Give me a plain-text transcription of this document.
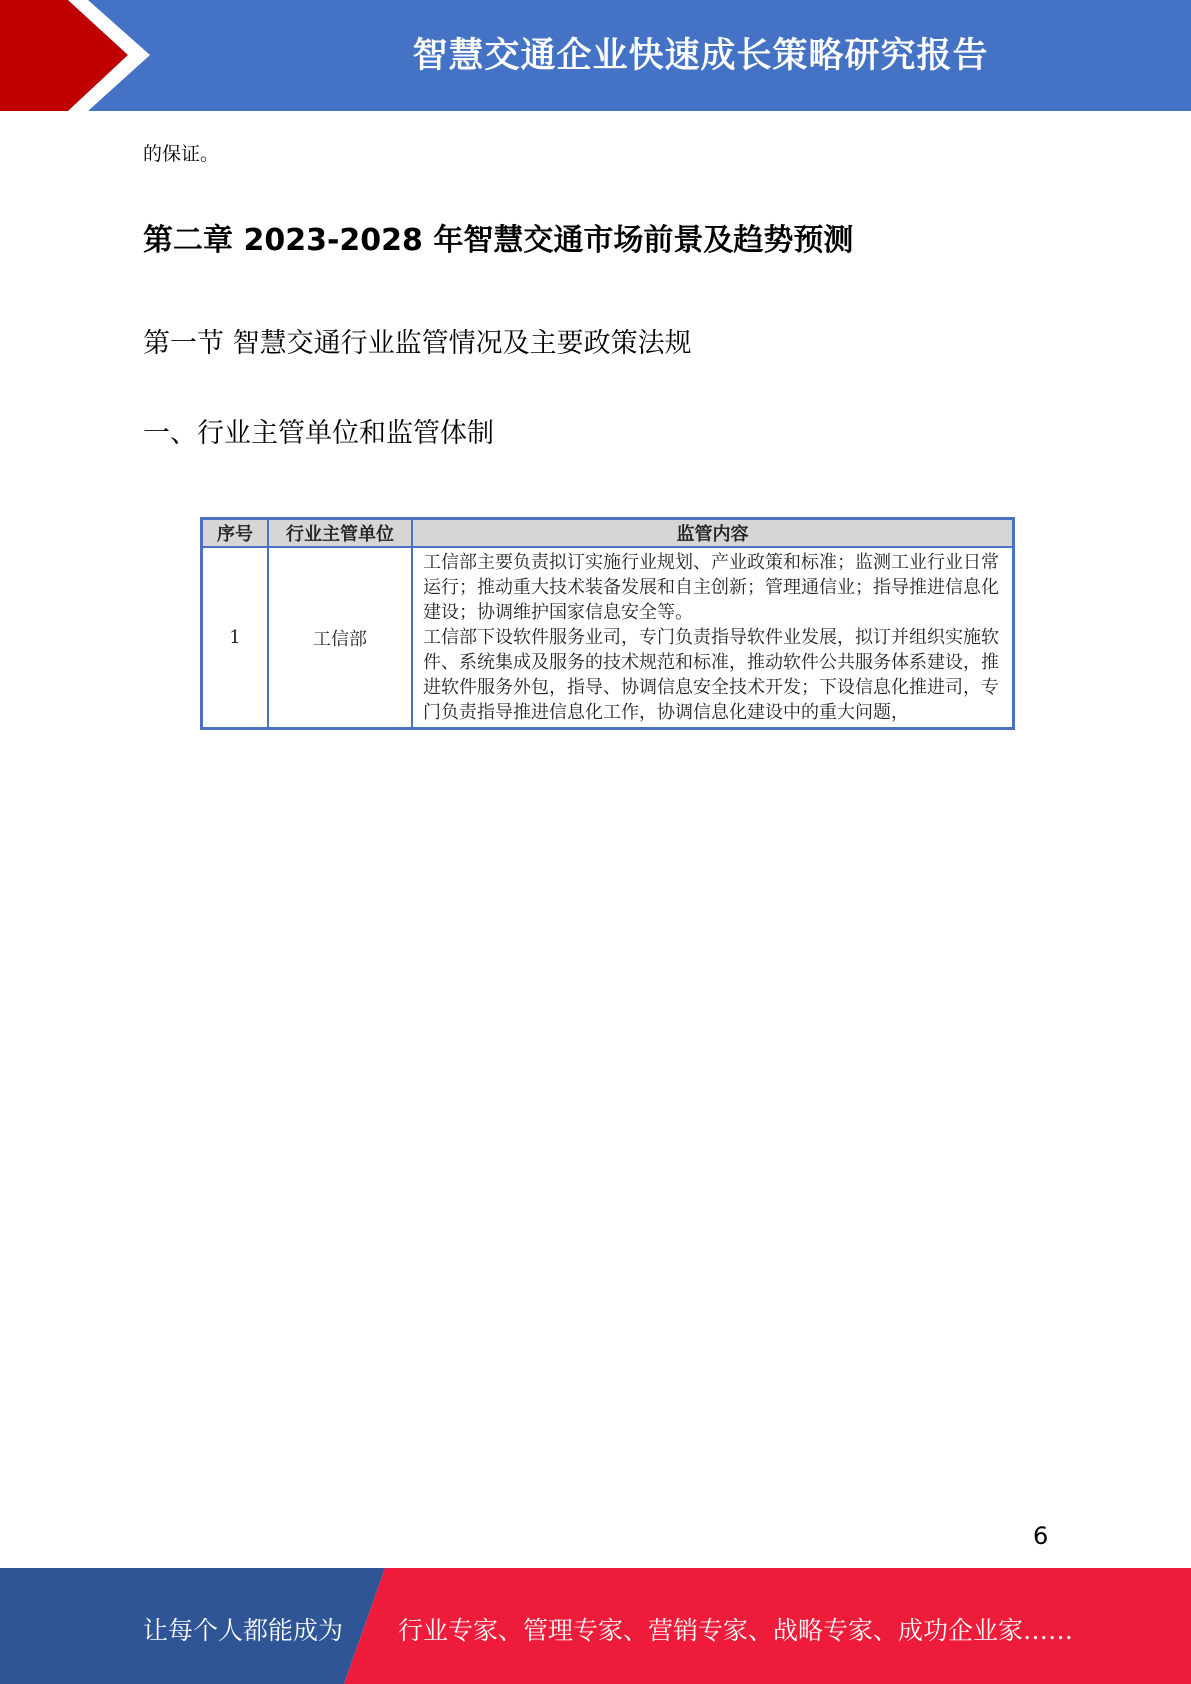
智慧交通企业快速成长策略研究报告
的保证。
第二章 2023-2028 年智慧交通市场前景及趋势预测
第一节 智慧交通行业监管情况及主要政策法规
一、行业主管单位和监管体制
序号	行业主管单位	监管内容
1	工信部	工信部主要负责拟订实施行业规划、产业政策和标准；监测工业行业日常运行；推动重大技术装备发展和自主创新；管理通信业；指导推进信息化建设；协调维护国家信息安全等。

工信部下设软件服务业司，专门负责指导软件业发展，拟订并组织实施软件、系统集成及服务的技术规范和标准，推动软件公共服务体系建设，推进软件服务外包，指导、协调信息安全技术开发；下设信息化推进司，专门负责指导推进信息化工作，协调信息化建设中的重大问题，

6
让每个人都能成为 行业专家、管理专家、营销专家、战略专家、成功企业家……
